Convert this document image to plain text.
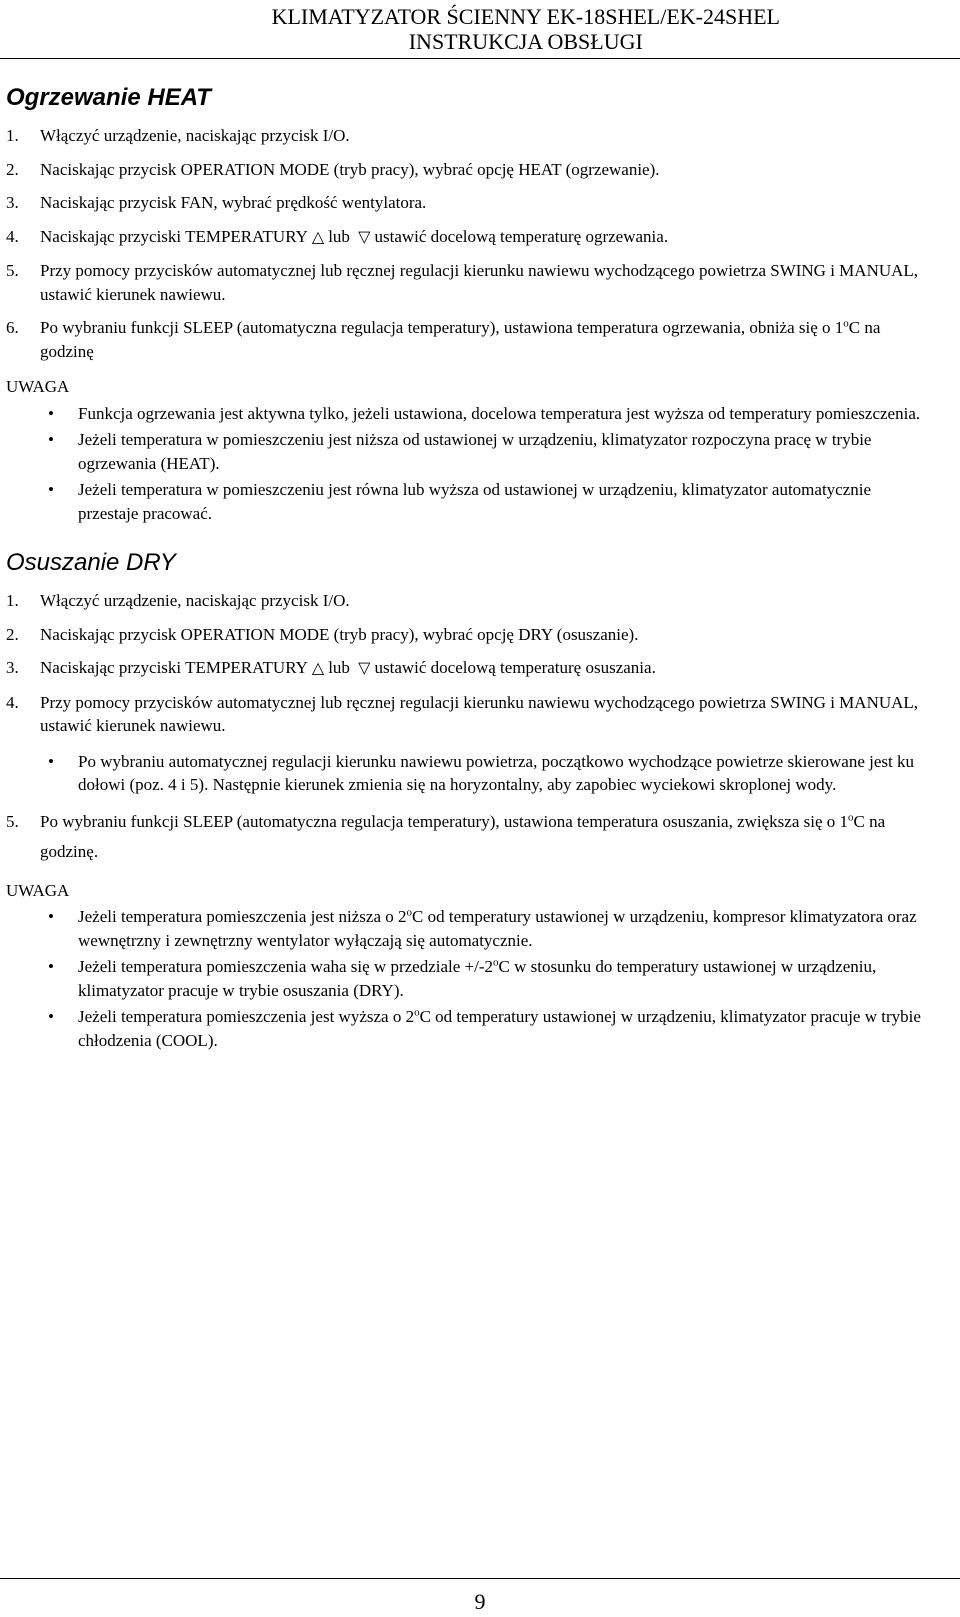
KLIMATYZATOR ŚCIENNY EK-18SHEL/EK-24SHEL
INSTRUKCJA OBSŁUGI
Ogrzewanie HEAT
1. Włączyć urządzenie, naciskając przycisk I/O.
2. Naciskając przycisk OPERATION MODE (tryb pracy), wybrać opcję HEAT (ogrzewanie).
3. Naciskając przycisk FAN, wybrać prędkość wentylatora.
4. Naciskając przyciski TEMPERATURY △ lub ▽ ustawić docelową temperaturę ogrzewania.
5. Przy pomocy przycisków automatycznej lub ręcznej regulacji kierunku nawiewu wychodzącego powietrza SWING i MANUAL, ustawić kierunek nawiewu.
6. Po wybraniu funkcji SLEEP (automatyczna regulacja temperatury), ustawiona temperatura ogrzewania, obniża się o 1$^o$C na godzinę
UWAGA
• Funkcja ogrzewania jest aktywna tylko, jeżeli ustawiona, docelowa temperatura jest wyższa od temperatury pomieszczenia.
• Jeżeli temperatura w pomieszczeniu jest niższa od ustawionej w urządzeniu, klimatyzator rozpoczyna pracę w trybie ogrzewania (HEAT).
• Jeżeli temperatura w pomieszczeniu jest równa lub wyższa od ustawionej w urządzeniu, klimatyzator automatycznie przestaje pracować.
Osuszanie DRY
1. Włączyć urządzenie, naciskając przycisk I/O.
2. Naciskając przycisk OPERATION MODE (tryb pracy), wybrać opcję DRY (osuszanie).
3. Naciskając przyciski TEMPERATURY △ lub ▽ ustawić docelową temperaturę osuszania.
4. Przy pomocy przycisków automatycznej lub ręcznej regulacji kierunku nawiewu wychodzącego powietrza SWING i MANUAL, ustawić kierunek nawiewu.
• Po wybraniu automatycznej regulacji kierunku nawiewu powietrza, początkowo wychodzące powietrze skierowane jest ku dołowi (poz. 4 i 5). Następnie kierunek zmienia się na horyzontalny, aby zapobiec wyciekowi skroplonej wody.
5. Po wybraniu funkcji SLEEP (automatyczna regulacja temperatury), ustawiona temperatura osuszania, zwiększa się o 1$^o$C na godzinę.
UWAGA
• Jeżeli temperatura pomieszczenia jest niższa o 2$^o$C od temperatury ustawionej w urządzeniu, kompresor klimatyzatora oraz wewnętrzny i zewnętrzny wentylator wyłączają się automatycznie.
• Jeżeli temperatura pomieszczenia waha się w przedziale $+/-2^oC$ w stosunku do temperatury ustawionej w urządzeniu, klimatyzator pracuje w trybie osuszania (DRY).
• Jeżeli temperatura pomieszczenia jest wyższa o 2$^o$C od temperatury ustawionej w urządzeniu, klimatyzator pracuje w trybie chłodzenia (COOL).
9
